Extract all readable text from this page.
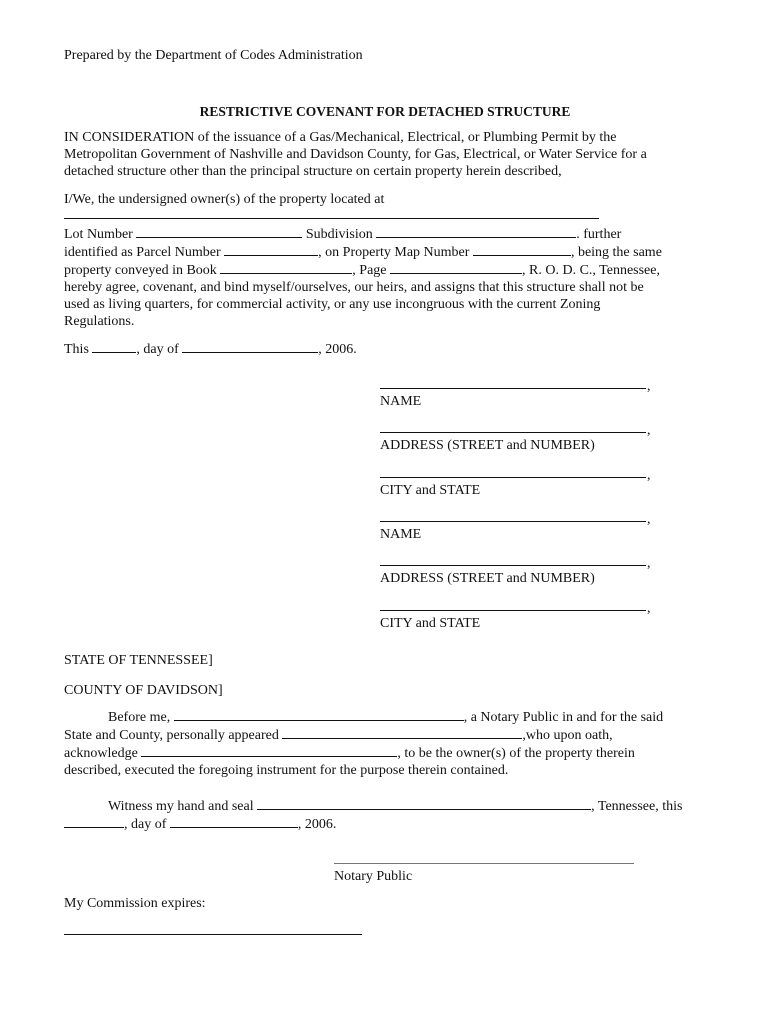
Prepared by the Department of Codes Administration
RESTRICTIVE COVENANT FOR DETACHED STRUCTURE

IN CONSIDERATION of the issuance of a Gas/Mechanical, Electrical, or Plumbing Permit by the

Metropolitan Government of Nashville and Davidson County, for Gas, Electrical, or Water Service for a

detached structure other than the principal structure on certain property herein described,

I/We, the undersigned owner(s) of the property located at

Lot Number	Subdivision	. further

identified as Parcel Number	, on Property Map Number	, being the same

property conveyed in Book	, Page	, R. O. D. C., Tennessee,

hereby agree, covenant, and bind myself/ourselves, our heirs, and assigns that this structure shall not be

used as living quarters, for commercial activity, or any use incongruous with the current Zoning

Regulations.

This	, day of	, 2006.
,
NAME
,
ADDRESS (STREET and NUMBER)
,
CITY and STATE
,
NAME
,
ADDRESS (STREET and NUMBER)
,
CITY and STATE
STATE OF TENNESSEE]
COUNTY OF DAVIDSON]

Before me,	, a Notary Public in and for the said

State and County, personally appeared	,who upon oath,

acknowledge	, to be the owner(s) of the property therein

described, executed the foregoing instrument for the purpose therein contained.

Witness my hand and seal	, Tennessee, this

, day of	, 2006.

Notary Public
My Commission expires:
